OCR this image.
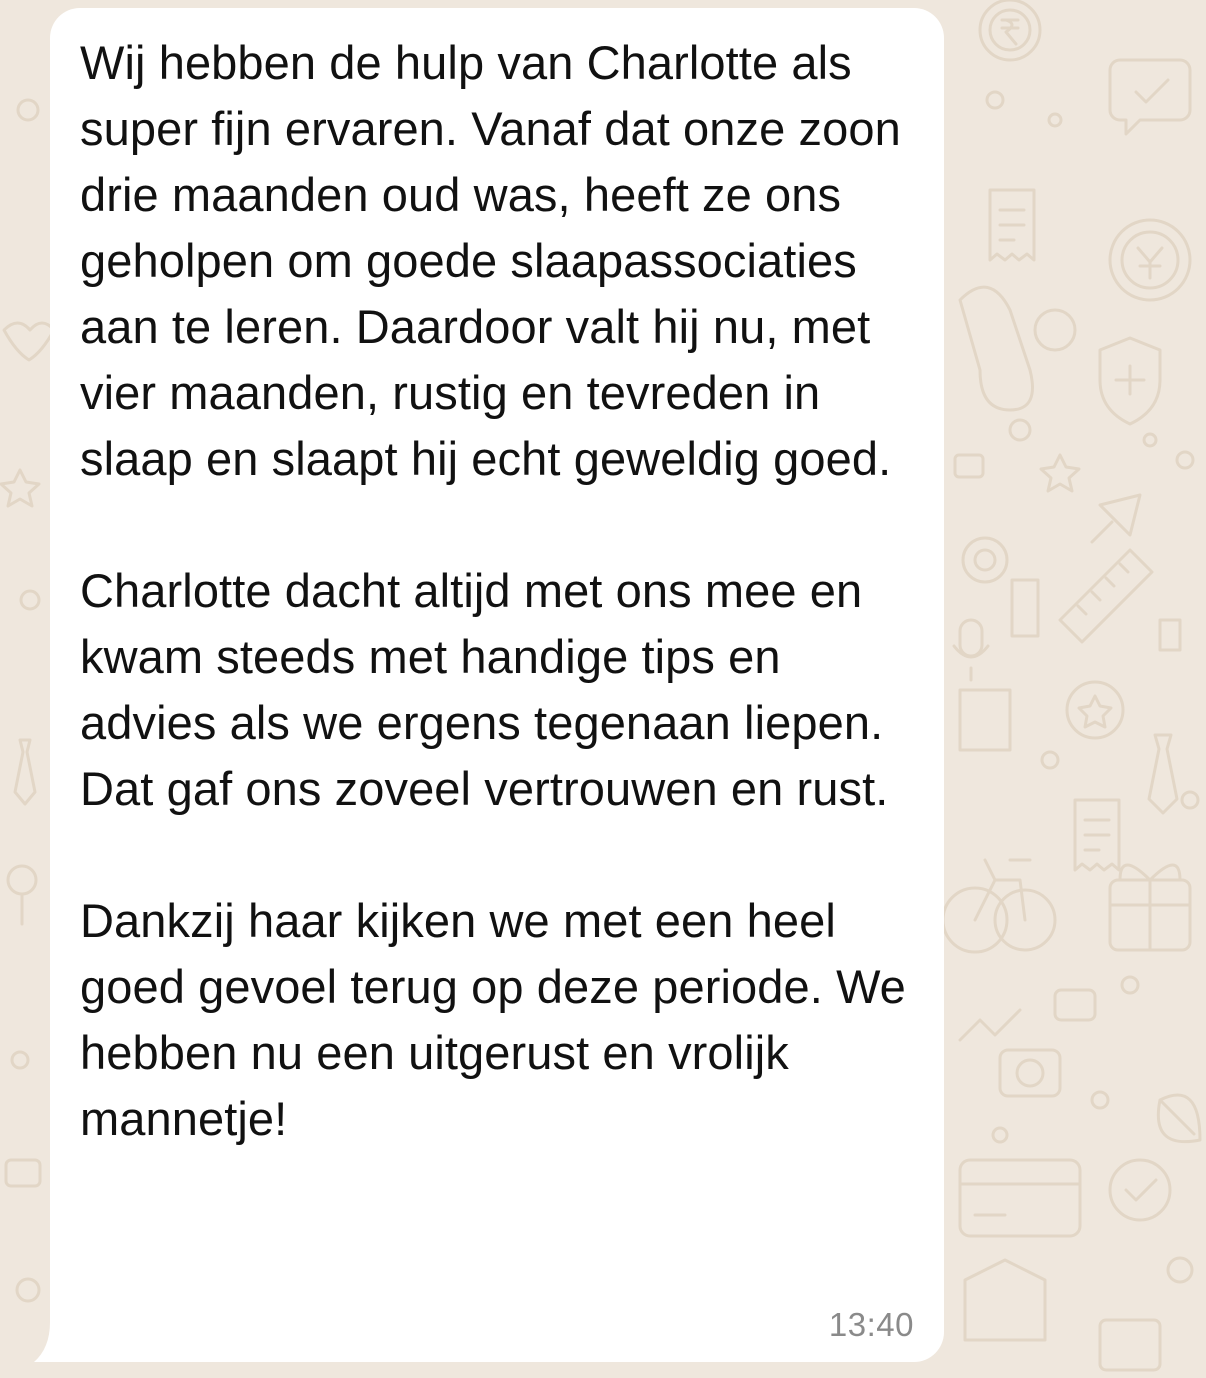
Wij hebben de hulp van Charlotte als super fijn ervaren. Vanaf dat onze zoon drie maanden oud was, heeft ze ons geholpen om goede slaapassociaties aan te leren. Daardoor valt hij nu, met vier maanden, rustig en tevreden in slaap en slaapt hij echt geweldig goed.

Charlotte dacht altijd met ons mee en kwam steeds met handige tips en advies als we ergens tegenaan liepen. Dat gaf ons zoveel vertrouwen en rust.

Dankzij haar kijken we met een heel goed gevoel terug op deze periode. We hebben nu een uitgerust en vrolijk mannetje!

13:40
